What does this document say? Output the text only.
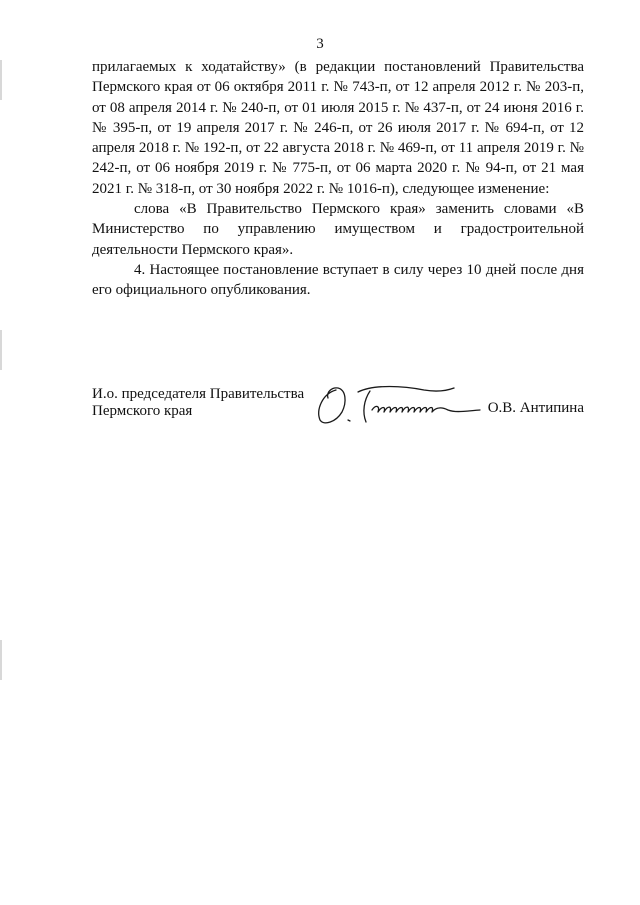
3

прилагаемых к ходатайству» (в редакции постановлений Правительства Пермского края от 06 октября 2011 г. № 743-п, от 12 апреля 2012 г. № 203-п, от 08 апреля 2014 г. № 240-п, от 01 июля 2015 г. № 437-п, от 24 июня 2016 г. № 395-п, от 19 апреля 2017 г. № 246-п, от 26 июля 2017 г. № 694-п, от 12 апреля 2018 г. № 192-п, от 22 августа 2018 г. № 469-п, от 11 апреля 2019 г. № 242-п, от 06 ноября 2019 г. № 775-п, от 06 марта 2020 г. № 94-п, от 21 мая 2021 г. № 318-п, от 30 ноября 2022 г. № 1016-п), следующее изменение:

слова «В Правительство Пермского края» заменить словами «В Министерство по управлению имуществом и градостроительной деятельности Пермского края».

4. Настоящее постановление вступает в силу через 10 дней после дня его официального опубликования.

И.о. председателя Правительства
Пермского края	О.В. Антипина
